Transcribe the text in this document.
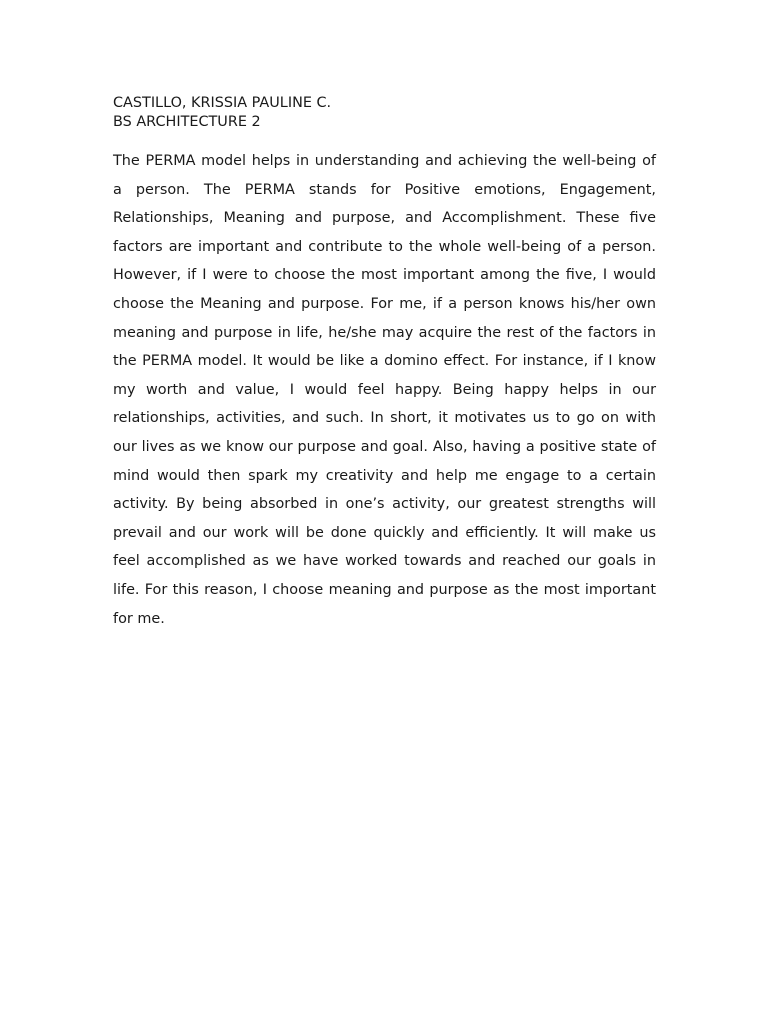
CASTILLO, KRISSIA PAULINE C.
BS ARCHITECTURE 2

The PERMA model helps in understanding and achieving the well-being of a person. The PERMA stands for Positive emotions, Engagement, Relationships, Meaning and purpose, and Accomplishment. These five factors are important and contribute to the whole well-being of a person. However, if I were to choose the most important among the five, I would choose the Meaning and purpose. For me, if a person knows his/her own meaning and purpose in life, he/she may acquire the rest of the factors in the PERMA model. It would be like a domino effect. For instance, if I know my worth and value, I would feel happy. Being happy helps in our relationships, activities, and such. In short, it motivates us to go on with our lives as we know our purpose and goal. Also, having a positive state of mind would then spark my creativity and help me engage to a certain activity. By being absorbed in one’s activity, our greatest strengths will prevail and our work will be done quickly and efficiently. It will make us feel accomplished as we have worked towards and reached our goals in life. For this reason, I choose meaning and purpose as the most important for me.
